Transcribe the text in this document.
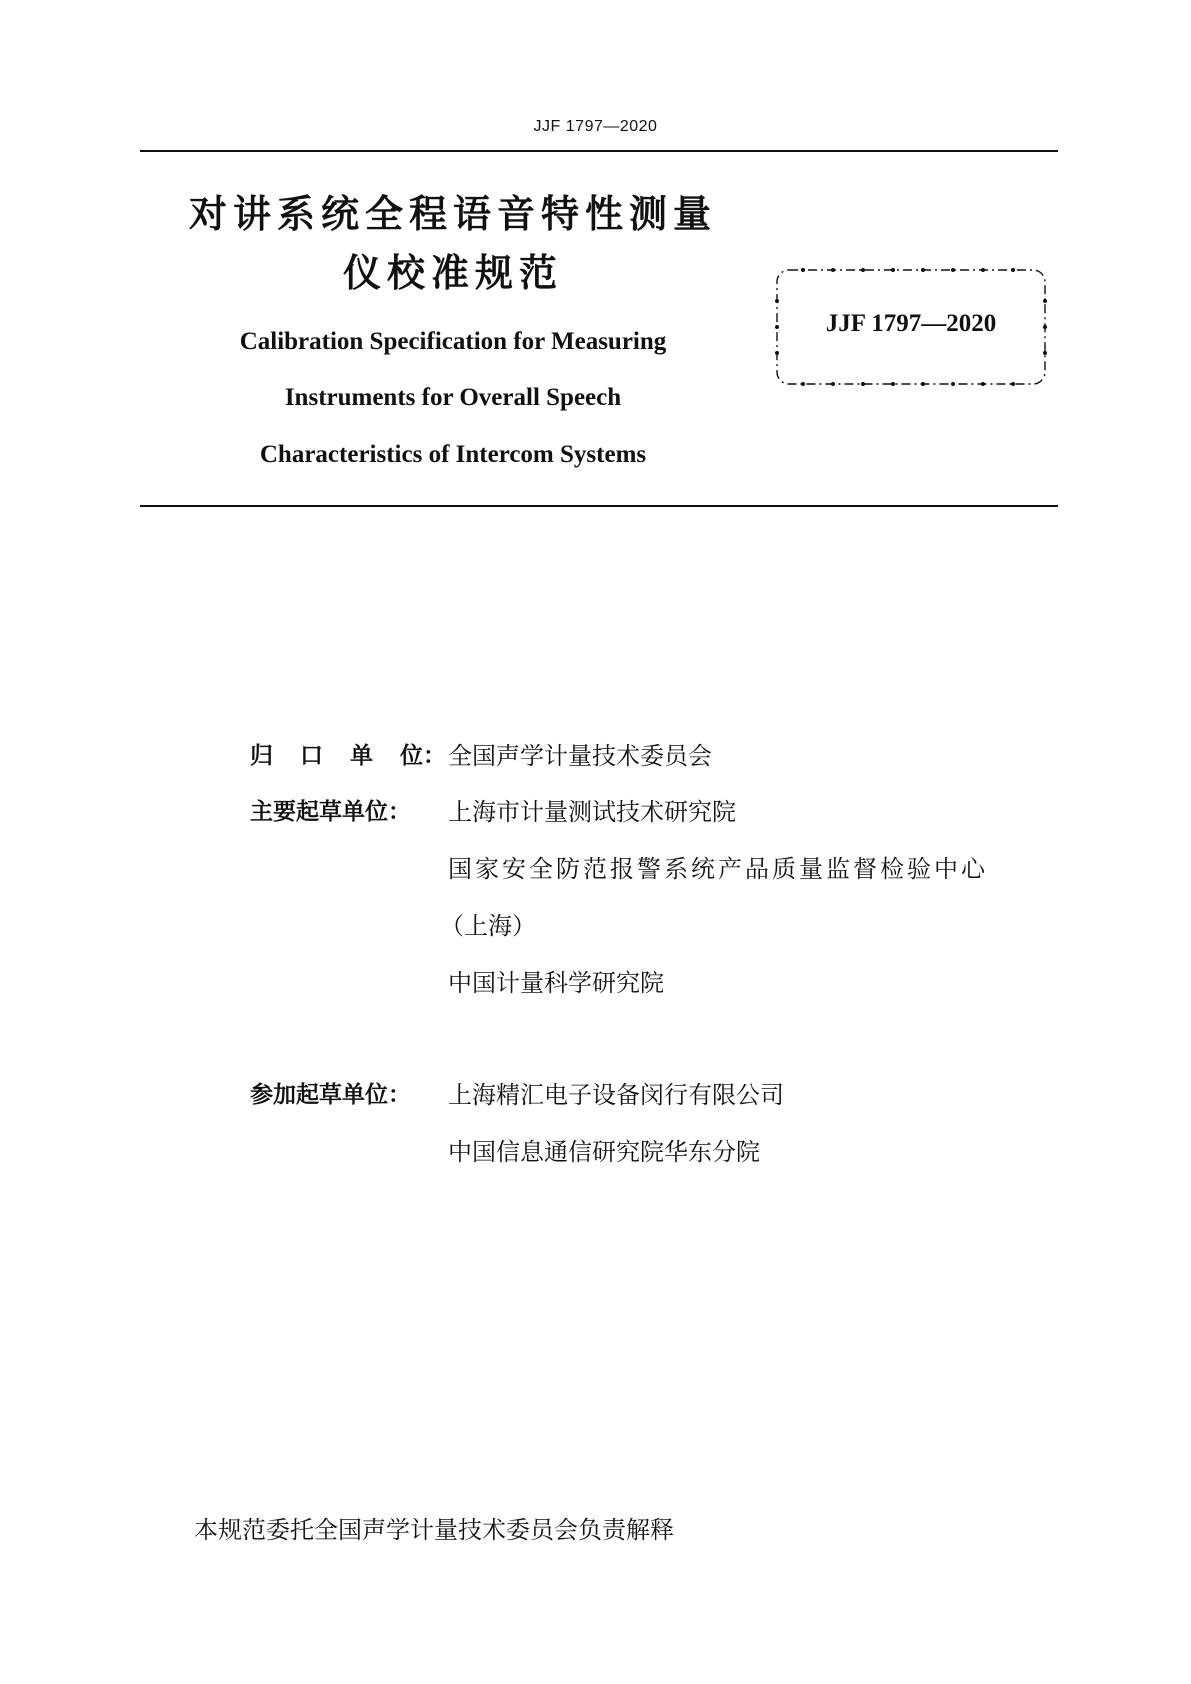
JJF 1797—2020
对讲系统全程语音特性测量
仪校准规范
Calibration Specification for Measuring
Instruments for Overall Speech
Characteristics of Intercom Systems
JJF 1797—2020
归 口 单 位： 全国声学计量技术委员会
主要起草单位： 上海市计量测试技术研究院
国家安全防范报警系统产品质量监督检验中心
（上海）
中国计量科学研究院
参加起草单位： 上海精汇电子设备闵行有限公司
中国信息通信研究院华东分院
本规范委托全国声学计量技术委员会负责解释
